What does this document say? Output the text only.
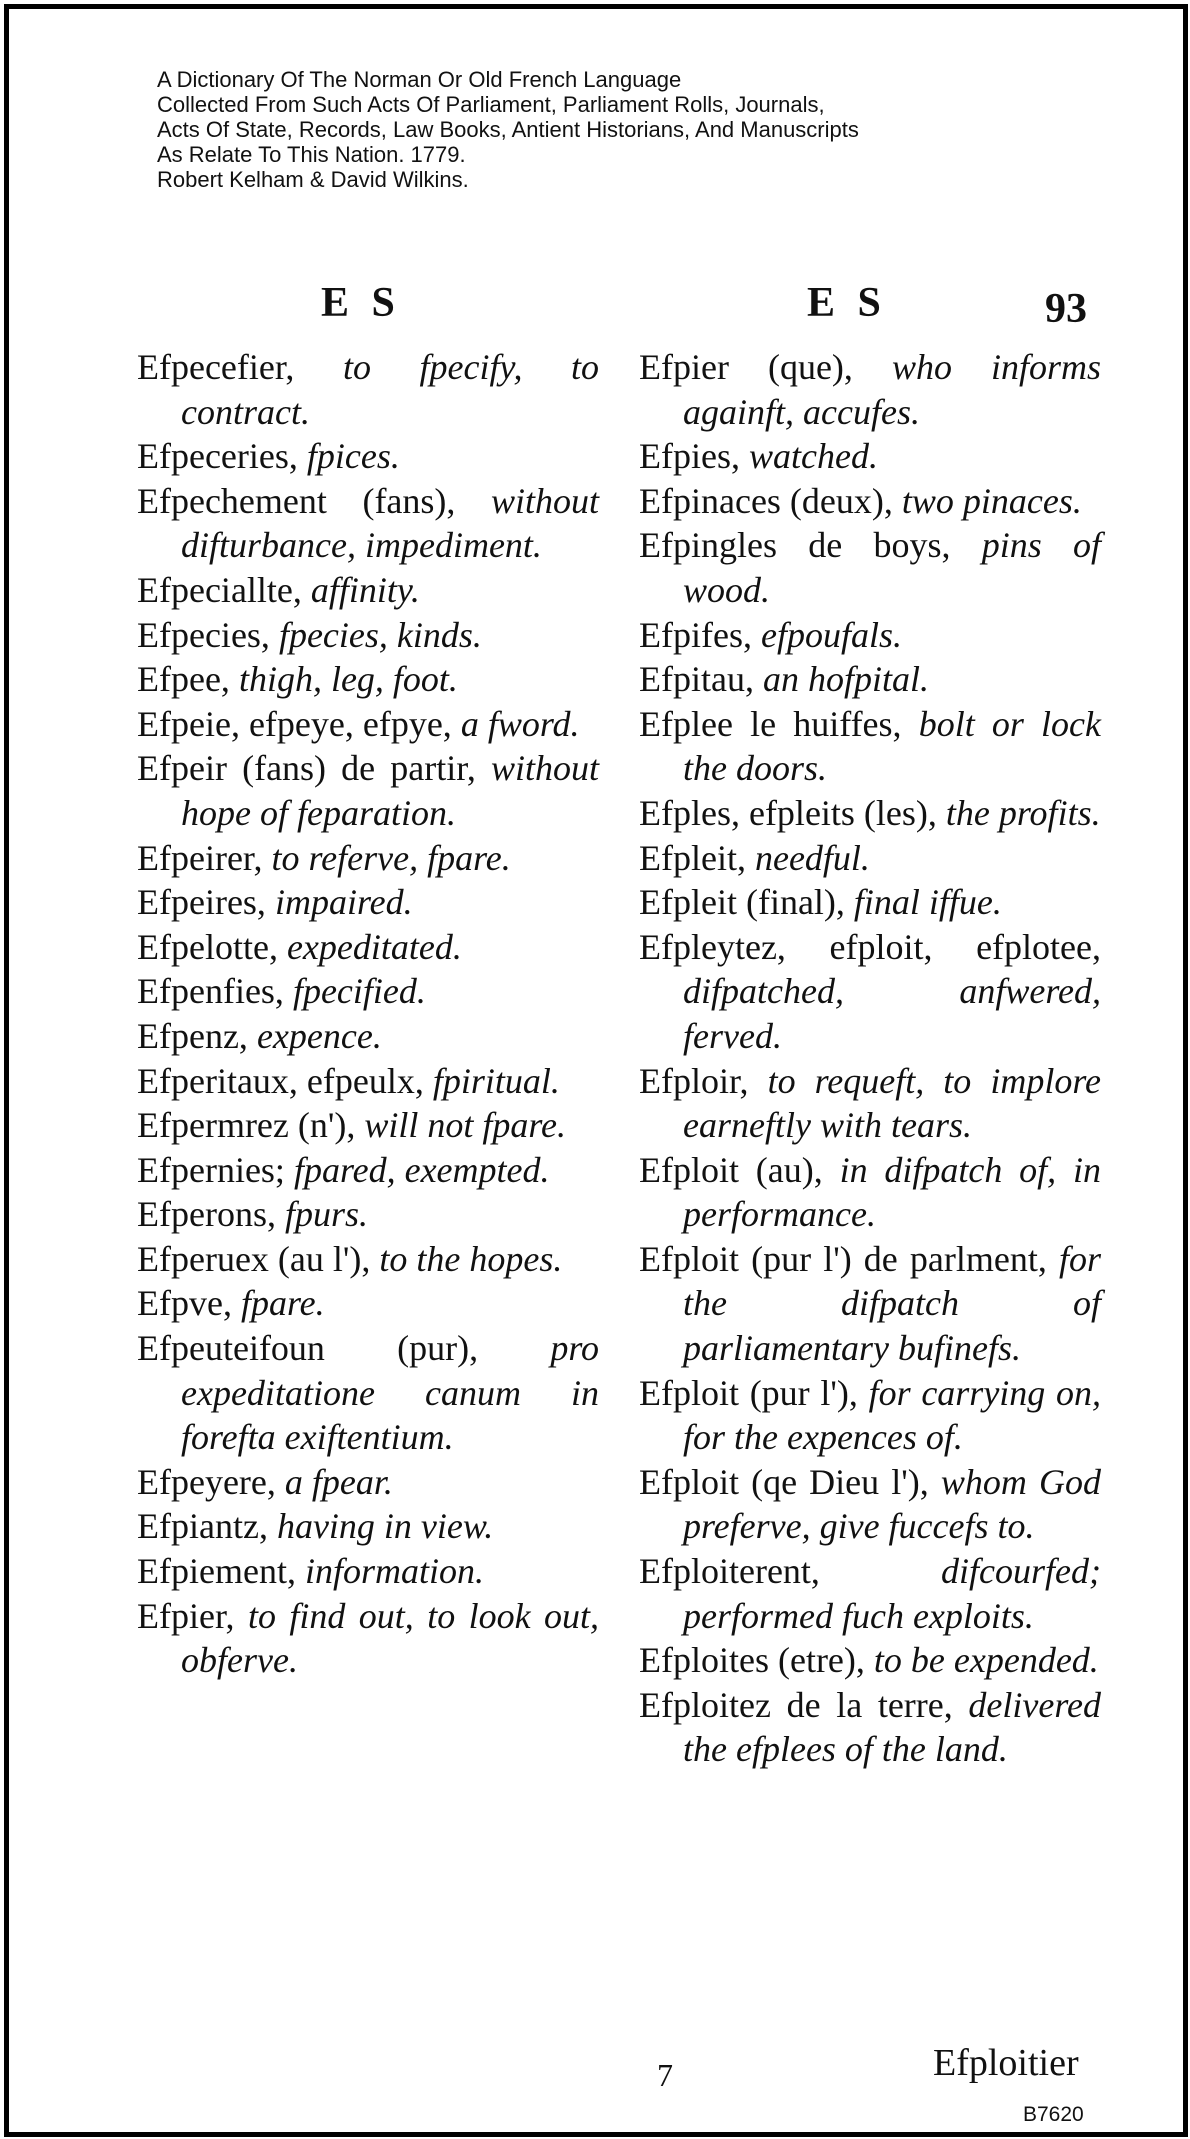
A Dictionary Of The Norman Or Old French Language
Collected From Such Acts Of Parliament, Parliament Rolls, Journals,
Acts Of State, Records, Law Books, Antient Historians, And Manuscripts
As Relate To This Nation. 1779.
Robert Kelham & David Wilkins.
E S	E S	93

Efpecefier, to fpecify, to contract.

Efpeceries, fpices.

Efpechement (fans), without difturbance, impediment.

Efpeciallte, affinity.

Efpecies, fpecies, kinds.

Efpee, thigh, leg, foot.

Efpeie, efpeye, efpye, a fword.

Efpeir (fans) de partir, without hope of feparation.

Efpeirer, to referve, fpare.

Efpeires, impaired.

Efpelotte, expeditated.

Efpenfies, fpecified.

Efpenz, expence.

Efperitaux, efpeulx, fpiritual.

Efpermrez (n'), will not fpare.

Efpernies; fpared, exempted.

Efperons, fpurs.

Efperuex (au l'), to the hopes.

Efpve, fpare.

Efpeuteifoun (pur), pro expeditatione canum in forefta exiftentium.

Efpeyere, a fpear.

Efpiantz, having in view.

Efpiement, information.

Efpier, to find out, to look out, obferve.

Efpier (que), who informs againft, accufes.

Efpies, watched.

Efpinaces (deux), two pinaces.

Efpingles de boys, pins of wood.

Efpifes, efpoufals.

Efpitau, an hofpital.

Efplee le huiffes, bolt or lock the doors.

Efples, efpleits (les), the profits.

Efpleit, needful.

Efpleit (final), final iffue.

Efpleytez, efploit, efplotee, difpatched, anfwered, ferved.

Efploir, to requeft, to implore earneftly with tears.

Efploit (au), in difpatch of, in performance.

Efploit (pur l') de parlment, for the difpatch of parliamentary bufinefs.

Efploit (pur l'), for carrying on, for the expences of.

Efploit (qe Dieu l'), whom God preferve, give fuccefs to.

Efploiterent,	difcourfed; performed fuch exploits.

Efploites (etre), to be expended.

Efploitez de la terre, delivered the efplees of the land.

7	Efploitier
B7620
